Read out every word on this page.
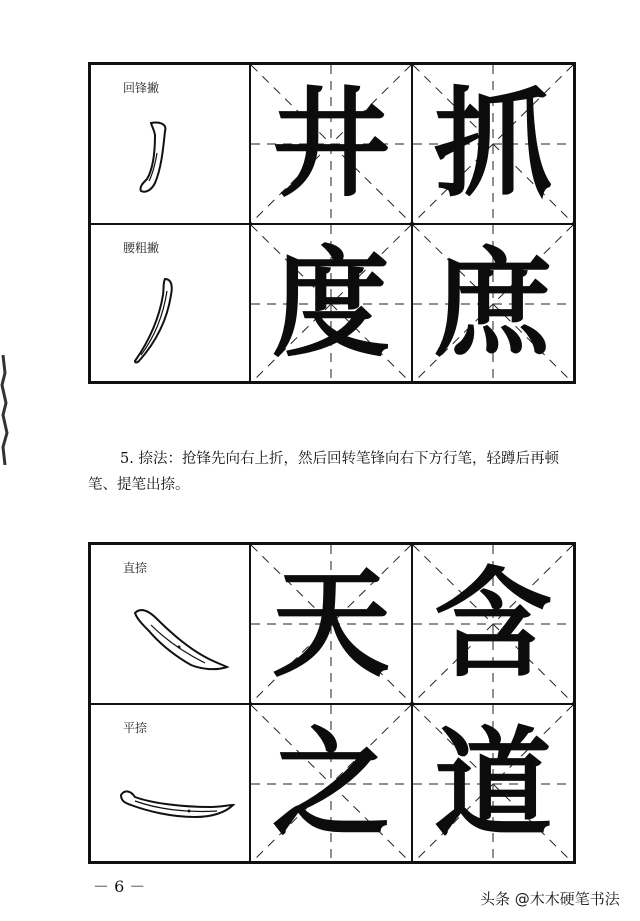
回锋撇 井 抓
腰粗撇 度 庶
5. 捺法：抢锋先向右上折，然后回转笔锋向右下方行笔，轻蹲后再顿
笔、提笔出捺。
直捺 天 含
平捺 之 道
－ 6 －
头条 @木木硬笔书法
